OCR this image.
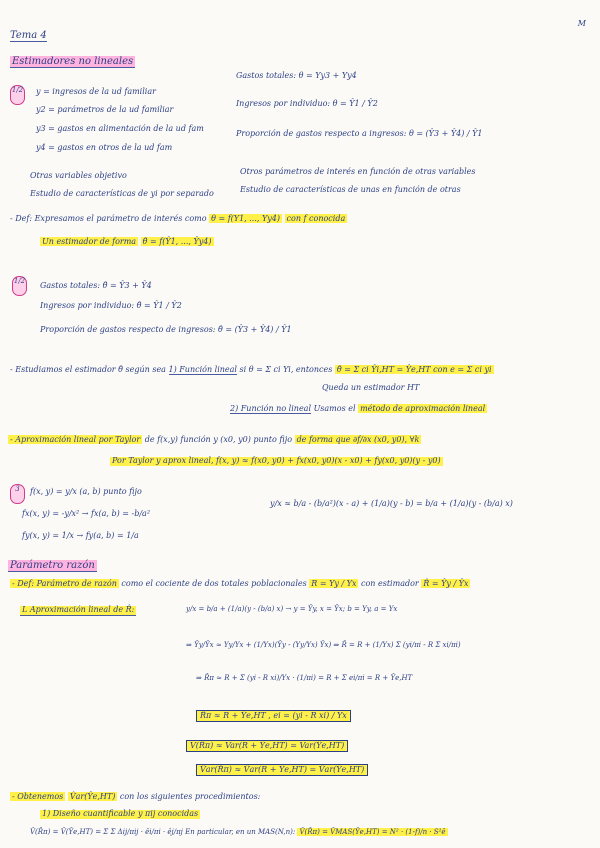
M
Tema 4
Estimadores no lineales
1/2 y = ingresos de la ud familiar
y2 = parámetros de la ud familiar
y3 = gastos en alimentación de la ud fam
y4 = gastos en otros de la ud fam
Gastos totales: θ = Yy3 + Yy4
Ingresos por individuo: θ = Ŷ1 / Ŷ2
Proporción de gastos respecto a ingresos: θ = (Ŷ3 + Ŷ4) / Ŷ1
Otras variables objetivo
Estudio de características de yi por separado
Otros parámetros de interés en función de otras variables
Estudio de características de unas en función de otras
- Def: Expresamos el parámetro de interés como θ = f(Y1, ..., Yy4) con f conocida
Un estimador de forma θ̂ = f(Ŷ1, ..., Ŷy4)
1/2 Gastos totales: θ̂ = Ŷ3 + Ŷ4
Ingresos por individuo: θ̂ = Ŷ1 / Ŷ2
Proporción de gastos respecto de ingresos: θ̂ = (Ŷ3 + Ŷ4) / Ŷ1
- Estudiamos el estimador θ̂ según sea 1) Función lineal si θ = Σ ci Yi, entonces θ̂ = Σ ci Ŷi,HT = Ŷe,HT con e = Σ ci yi
Queda un estimador HT
2) Función no lineal Usamos el método de aproximación lineal
- Aproximación lineal por Taylor de f(x,y) función y (x0, y0) punto fijo de forma que ∂f/∂x (x0, y0), ∀k
Por Taylor y aprox lineal, f(x, y) ≈ f(x0, y0) + fx(x0, y0)(x - x0) + fy(x0, y0)(y - y0)
3	f(x, y) = y/x (a, b) punto fijo
fx(x, y) = -y/x² → fx(a, b) = -b/a²
fy(x, y) = 1/x → fy(a, b) = 1/a
y/x ≈ b/a - (b/a²)(x - a) + (1/a)(y - b) = b/a + (1/a)(y - (b/a) x)
Parámetro razón
- Def: Parámetro de razón como el cociente de dos totales poblacionales R = Yy / Yx con estimador R̂ = Ŷy / Ŷx
L Aproximación lineal de R̂:	y/x = b/a + (1/a)(y - (b/a) x) → y = Ŷy, x = Ŷx; b = Yy, a = Yx
⇒ Ŷy/Ŷx ≈ Yy/Yx + (1/Yx)(Ŷy - (Yy/Yx) Ŷx) ⇒ R̂ = R + (1/Yx) Σ (yi/πi - R Σ xi/πi)
⇒ R̂π ≈ R + Σ (yi - R xi)/Yx · (1/πi) = R + Σ ei/πi = R + Ŷe,HT
R̂π ≈ R + Ŷe,HT , ei = (yi - R xi) / Yx
V(R̂π) ≈ Var(R + Ŷe,HT) = Var(Ŷe,HT)
V̂ar(R̂π) ≈ V̂ar(R + Ŷe,HT) = V̂ar(Ŷe,HT)
- Obtenemos V̂ar(Ŷe,HT) con los siguientes procedimientos:
1) Diseño cuantificable y πij conocidas
V̂(R̂π) = V̂(Ŷe,HT) = Σ Σ Δij/πij · êi/πi · êj/πj En particular, en un MAS(N,n): V̂(R̂π) = V̂MAS(Ŷe,HT) = N² · (1-f)/n · S²ê
